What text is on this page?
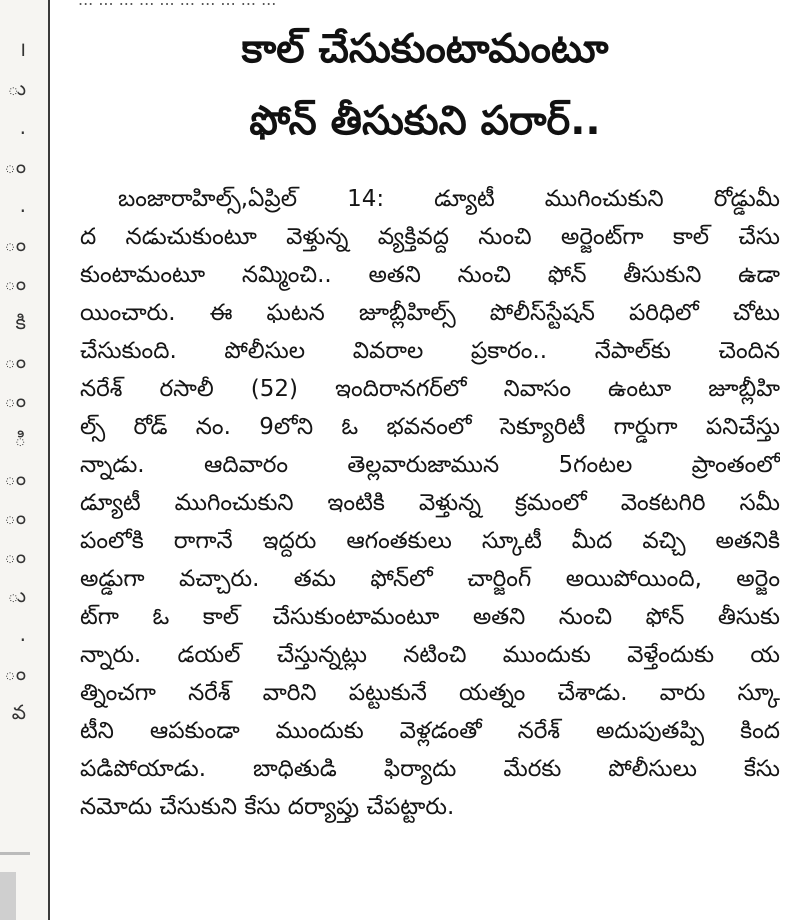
౹
ు
.
ం
.
ం
ం
కి
ం
ం
ి
ం
ం
ం
ు
.
ం
వ
కాల్ చేసుకుంటామంటూ
ఫోన్ తీసుకుని పరార్..
బంజారాహిల్స్,ఏప్రిల్ 14: డ్యూటీ ముగించుకుని రోడ్డుమీ
ద నడుచుకుంటూ వెళ్తున్న వ్యక్తివద్ద నుంచి అర్జెంట్‌గా కాల్ చేసు
కుంటామంటూ నమ్మించి.. అతని నుంచి ఫోన్ తీసుకుని ఉడా
యించారు. ఈ ఘటన జూబ్లీహిల్స్ పోలీస్‌స్టేషన్ పరిధిలో చోటు
చేసుకుంది. పోలీసుల వివరాల ప్రకారం.. నేపాల్‌కు చెందిన
నరేశ్ రసాలీ (52) ఇందిరానగర్‌లో నివాసం ఉంటూ జూబ్లీహి
ల్స్ రోడ్ నం. 9లోని ఓ భవనంలో సెక్యూరిటీ గార్డుగా పనిచేస్తు
న్నాడు. ఆదివారం తెల్లవారుజామున 5గంటల ప్రాంతంలో
డ్యూటీ ముగించుకుని ఇంటికి వెళ్తున్న క్రమంలో వెంకటగిరి సమీ
పంలోకి రాగానే ఇద్దరు ఆగంతకులు స్కూటీ మీద వచ్చి అతనికి
అడ్డుగా వచ్చారు. తమ ఫోన్‌లో చార్జింగ్ అయిపోయింది, అర్జెం
ట్‌గా ఓ కాల్ చేసుకుంటామంటూ అతని నుంచి ఫోన్ తీసుకు
న్నారు. డయల్ చేస్తున్నట్లు నటించి ముందుకు వెళ్తేందుకు య
త్నించగా నరేశ్ వారిని పట్టుకునే యత్నం చేశాడు. వారు స్కూ
టీని ఆపకుండా ముందుకు వెళ్లడంతో నరేశ్ అదుపుతప్పి కింద
పడిపోయాడు. బాధితుడి ఫిర్యాదు మేరకు పోలీసులు కేసు
నమోదు చేసుకుని కేసు దర్యాప్తు చేపట్టారు.
